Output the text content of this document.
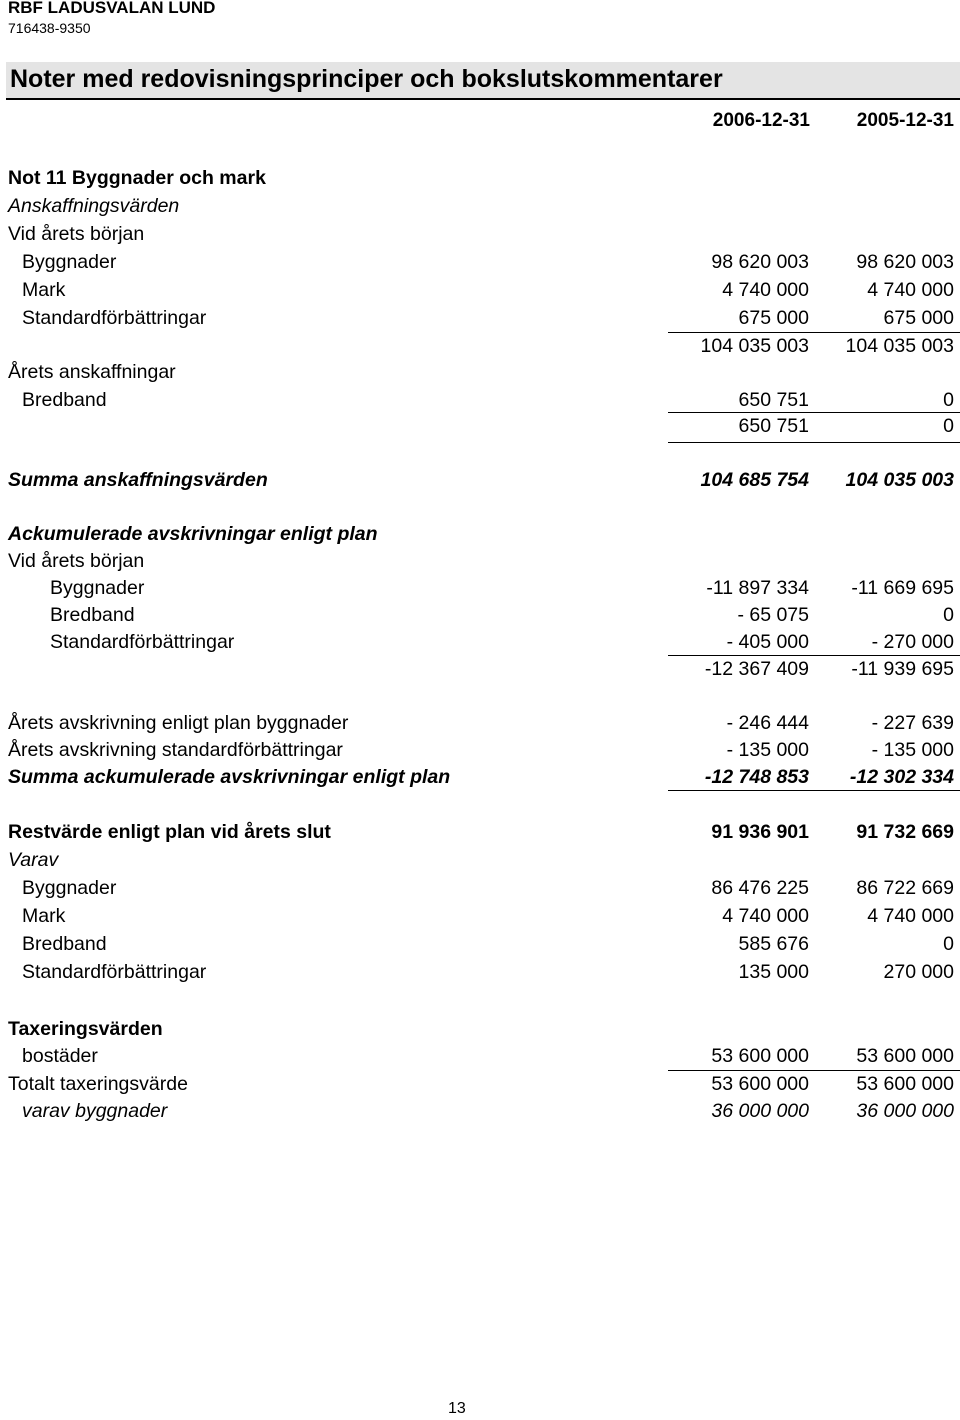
RBF LADUSVALAN LUND
716438-9350
Noter med redovisningsprinciper och bokslutskommentarer
2006-12-31	2005-12-31
Not 11 Byggnader och mark
Anskaffningsvärden
Vid årets början
Byggnader	98 620 003	98 620 003
Mark	4 740 000	4 740 000
Standardförbättringar	675 000	675 000
104 035 003	104 035 003
Årets anskaffningar
Bredband	650 751	0
650 751	0
Summa anskaffningsvärden	104 685 754	104 035 003
Ackumulerade avskrivningar enligt plan
Vid årets början
Byggnader	-11 897 334	-11 669 695
Bredband	- 65 075	0
Standardförbättringar	- 405 000	- 270 000
-12 367 409	-11 939 695
Årets avskrivning enligt plan byggnader	- 246 444	- 227 639
Årets avskrivning standardförbättringar	- 135 000	- 135 000
Summa ackumulerade avskrivningar enligt plan	-12 748 853	-12 302 334
Restvärde enligt plan vid årets slut	91 936 901	91 732 669
Varav
Byggnader	86 476 225	86 722 669
Mark	4 740 000	4 740 000
Bredband	585 676	0
Standardförbättringar	135 000	270 000
Taxeringsvärden
bostäder	53 600 000	53 600 000
Totalt taxeringsvärde	53 600 000	53 600 000
varav byggnader	36 000 000	36 000 000
13
